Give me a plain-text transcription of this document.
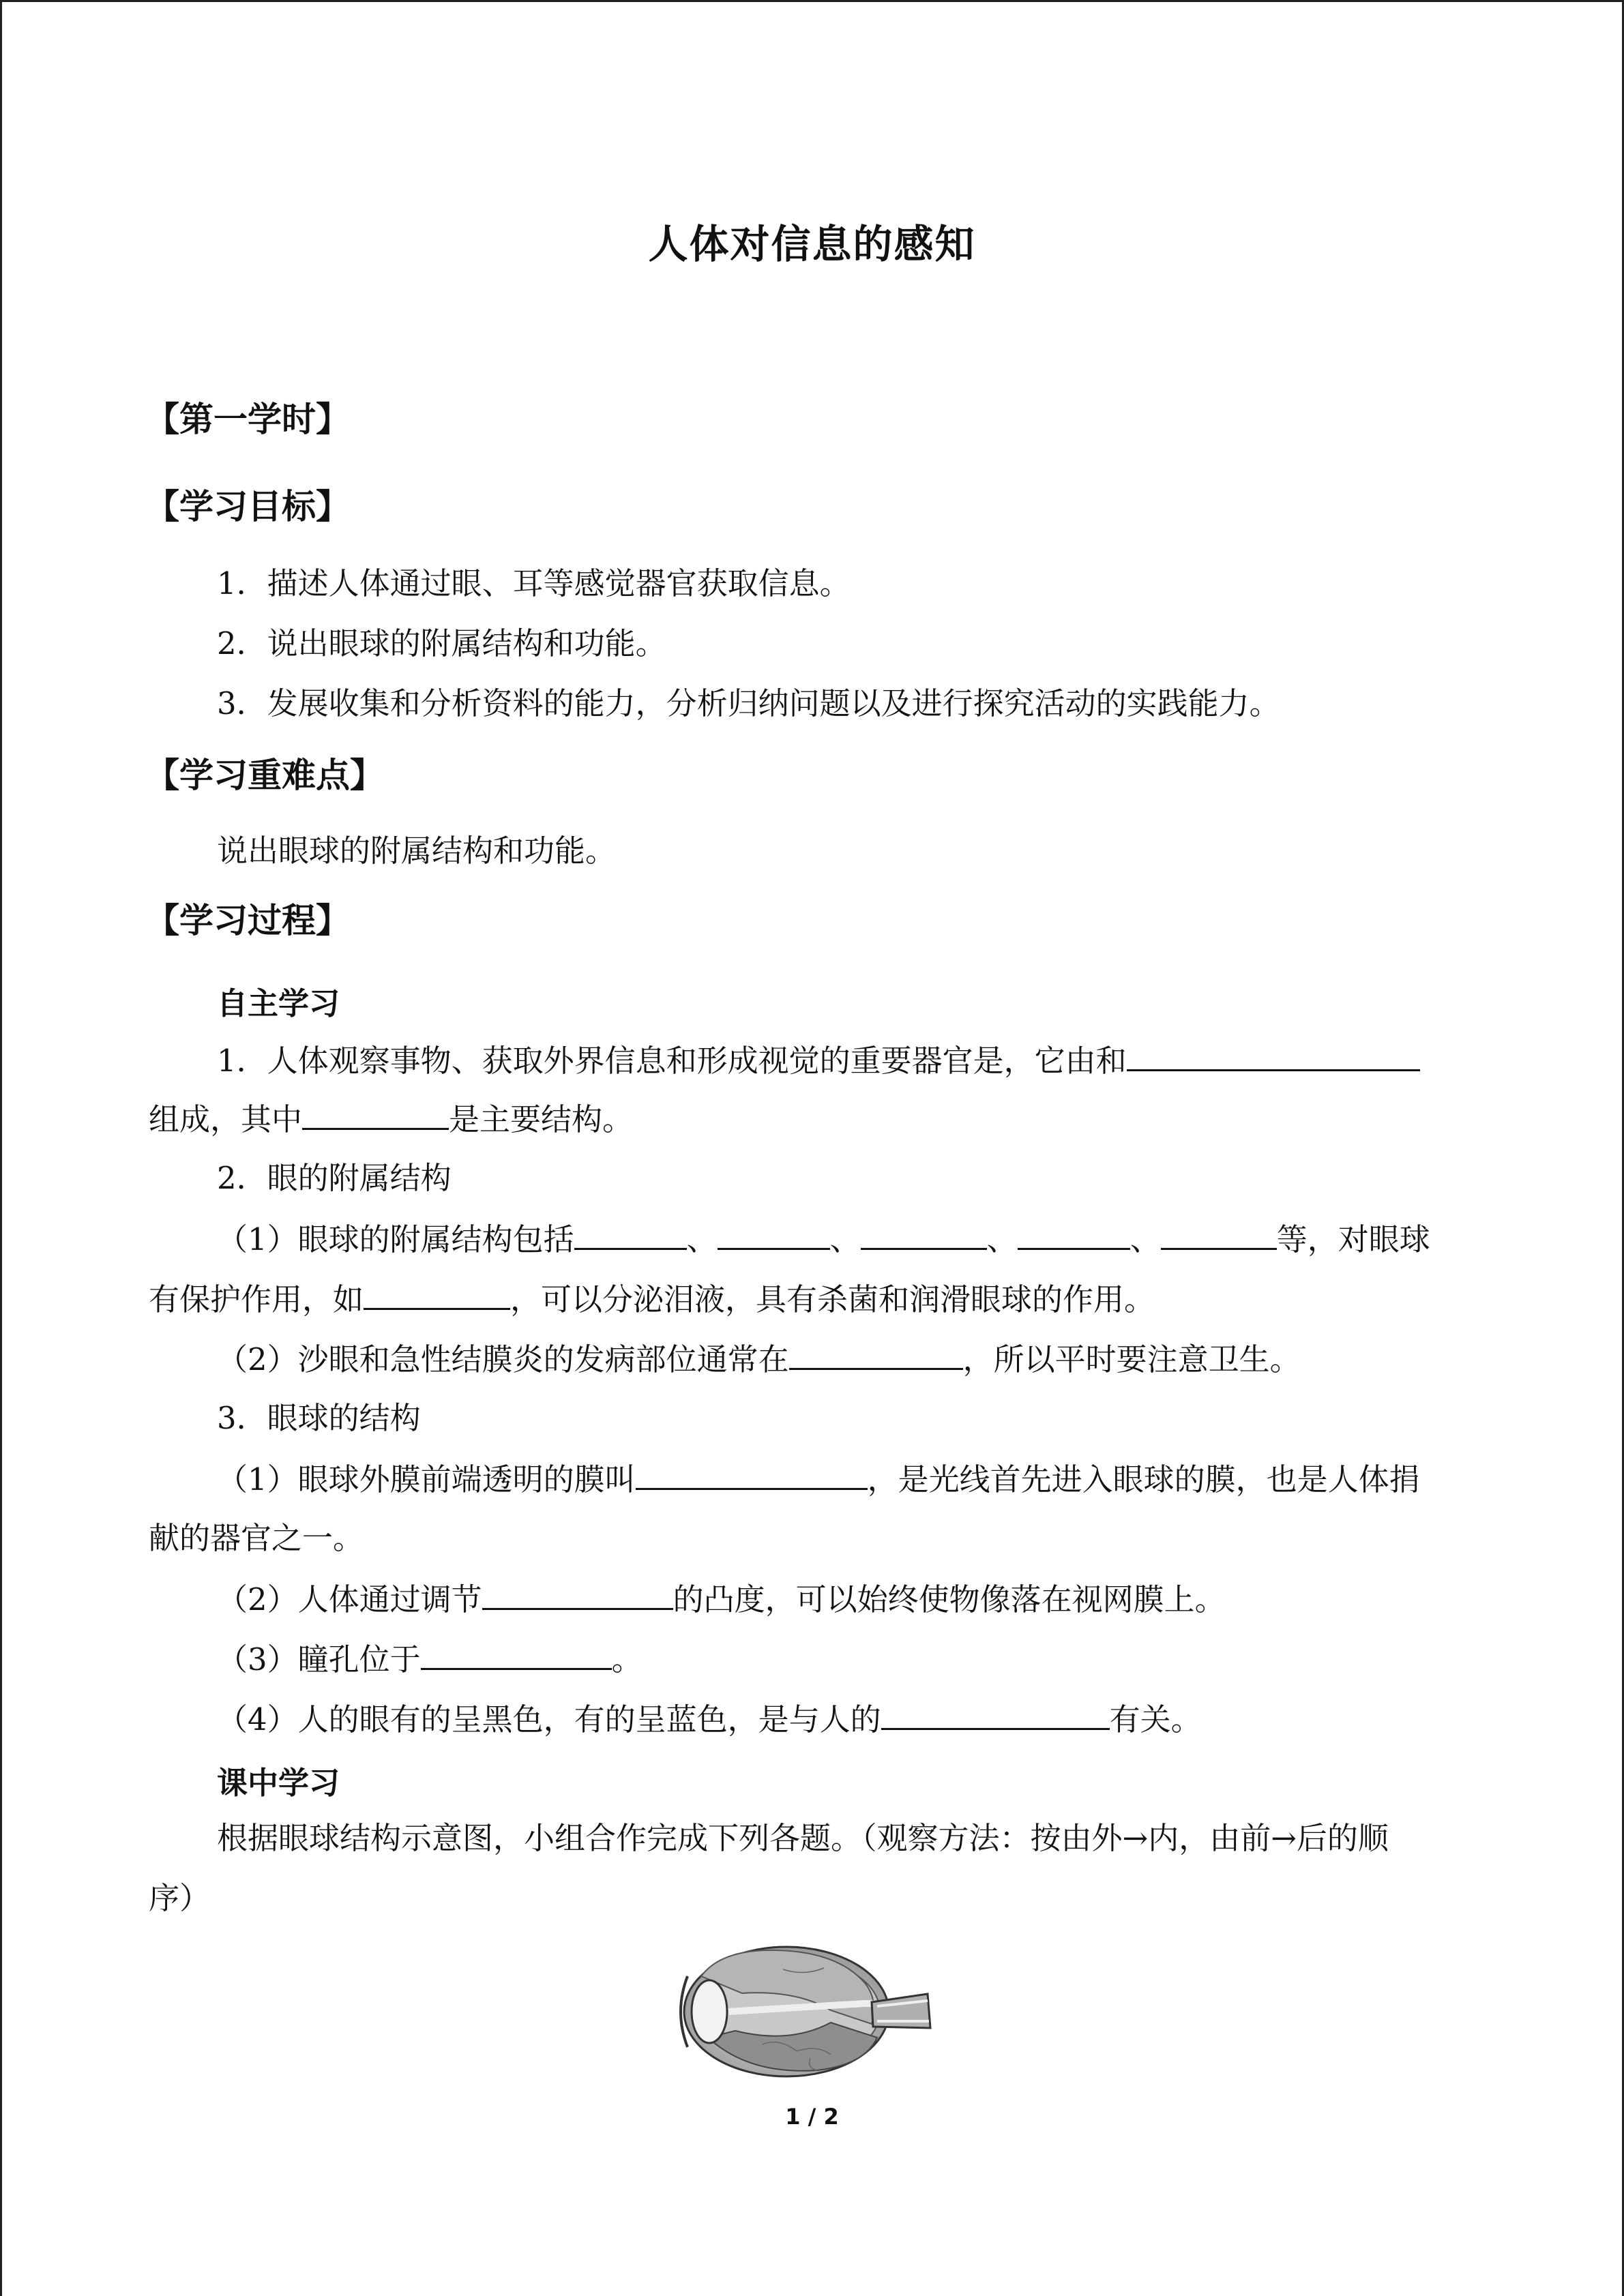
人体对信息的感知
【第一学时】
【学习目标】
1．描述人体通过眼、耳等感觉器官获取信息。
2．说出眼球的附属结构和功能。
3．发展收集和分析资料的能力，分析归纳问题以及进行探究活动的实践能力。
【学习重难点】
说出眼球的附属结构和功能。
【学习过程】
自主学习
1．人体观察事物、获取外界信息和形成视觉的重要器官是，它由和
组成，其中	是主要结构。
2．眼的附属结构
（1）眼球的附属结构包括	、	、	、	、	等，对眼球
有保护作用，如	，可以分泌泪液，具有杀菌和润滑眼球的作用。
（2）沙眼和急性结膜炎的发病部位通常在	，所以平时要注意卫生。
3．眼球的结构
（1）眼球外膜前端透明的膜叫	，是光线首先进入眼球的膜，也是人体捐
献的器官之一。
（2）人体通过调节	的凸度，可以始终使物像落在视网膜上。
（3）瞳孔位于	。
（4）人的眼有的呈黑色，有的呈蓝色，是与人的	有关。
课中学习
根据眼球结构示意图，小组合作完成下列各题。（观察方法：按由外→内，由前→后的顺
序）
1 / 2
